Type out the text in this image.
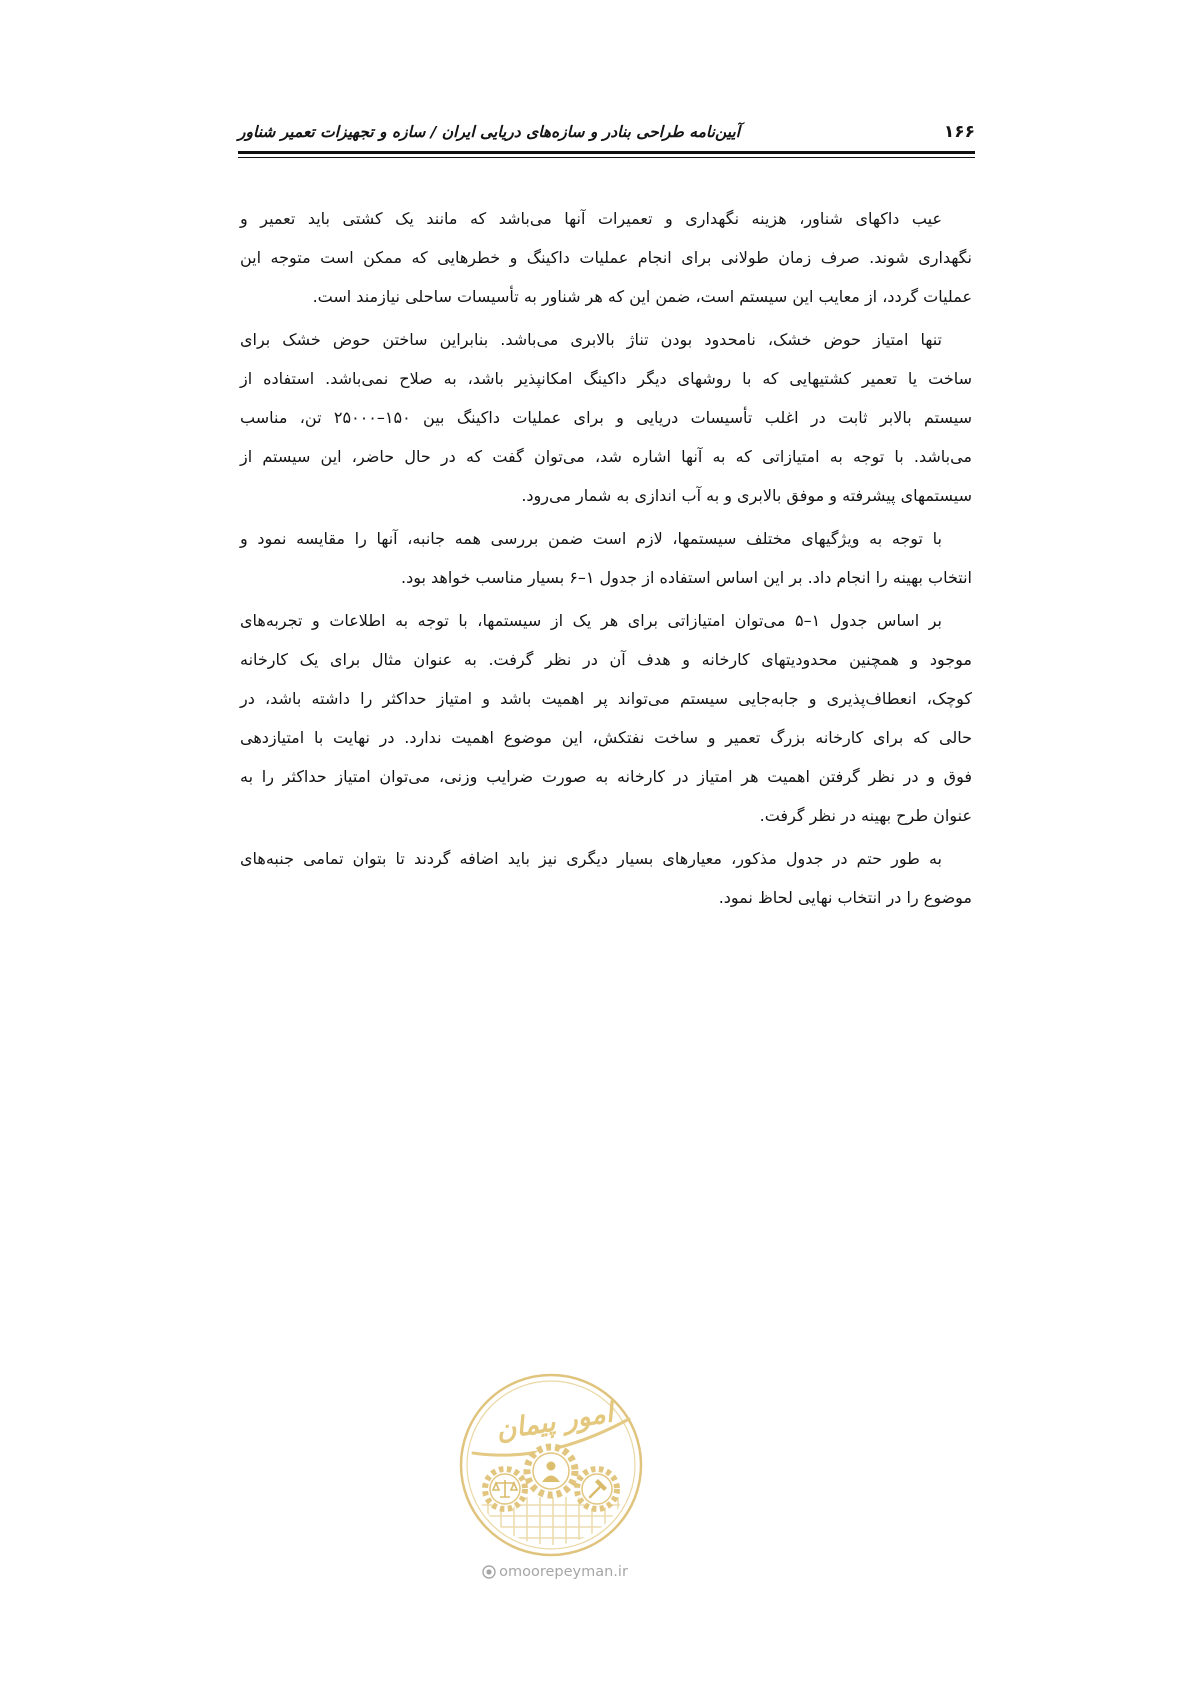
۱۶۶
آیین‌نامه طراحی بنادر و سازه‌های دریایی ایران / سازه و تجهیزات تعمیر شناور
عیب داکهای شناور، هزینه نگهداری و تعمیرات آنها می‌باشد که مانند یک کشتی باید تعمیر و
نگهداری شوند. صرف زمان طولانی برای انجام عملیات داکینگ و خطرهایی که ممکن است متوجه این
عملیات گردد، از معایب این سیستم است، ضمن این که هر شناور به تأسیسات ساحلی نیازمند است.
تنها امتیاز حوض خشک، نامحدود بودن تناژ بالابری می‌باشد. بنابراین ساختن حوض خشک برای
ساخت یا تعمیر کشتیهایی که با روشهای دیگر داکینگ امکانپذیر باشد، به صلاح نمی‌باشد. استفاده از
سیستم بالابر ثابت در اغلب تأسیسات دریایی و برای عملیات داکینگ بین ۱۵۰–۲۵۰۰۰ تن، مناسب
می‌باشد. با توجه به امتیازاتی که به آنها اشاره شد، می‌توان گفت که در حال حاضر، این سیستم از
سیستمهای پیشرفته و موفق بالابری و به آب اندازی به شمار می‌رود.
با توجه به ویژگیهای مختلف سیستمها، لازم است ضمن بررسی همه جانبه، آنها را مقایسه نمود و
انتخاب بهینه را انجام داد. بر این اساس استفاده از جدول ۱–۶ بسیار مناسب خواهد بود.
بر اساس جدول ۱–۵ می‌توان امتیازاتی برای هر یک از سیستمها، با توجه به اطلاعات و تجربه‌های
موجود و همچنین محدودیتهای کارخانه و هدف آن در نظر گرفت. به عنوان مثال برای یک کارخانه
کوچک، انعطاف‌پذیری و جابه‌جایی سیستم می‌تواند پر اهمیت باشد و امتیاز حداکثر را داشته باشد، در
حالی که برای کارخانه بزرگ تعمیر و ساخت نفتکش، این موضوع اهمیت ندارد. در نهایت با امتیازدهی
فوق و در نظر گرفتن اهمیت هر امتیاز در کارخانه به صورت ضرایب وزنی، می‌توان امتیاز حداکثر را به
عنوان طرح بهینه در نظر گرفت.
به طور حتم در جدول مذکور، معیارهای بسیار دیگری نیز باید اضافه گردند تا بتوان تمامی جنبه‌های
موضوع را در انتخاب نهایی لحاظ نمود.
امور پیمان
omoorepeyman.ir
